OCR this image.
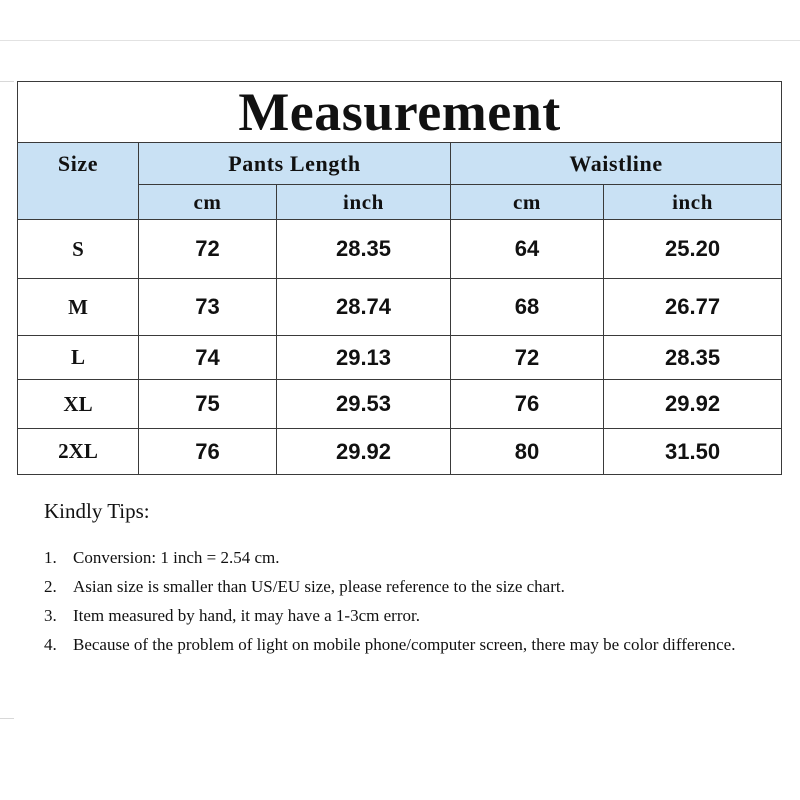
Measurement				
Size	Pants Length		Waistline	
	cm	inch	cm	inch
S	72	28.35	64	25.20
M	73	28.74	68	26.77
L	74	29.13	72	28.35
XL	75	29.53	76	29.92
2XL	76	29.92	80	31.50
Kindly Tips:
1. Conversion: 1 inch = 2.54 cm.
2. Asian size is smaller than US/EU size, please reference to the size chart.
3. Item measured by hand, it may have a 1-3cm error.
4. Because of the problem of light on mobile phone/computer screen, there may be color difference.
